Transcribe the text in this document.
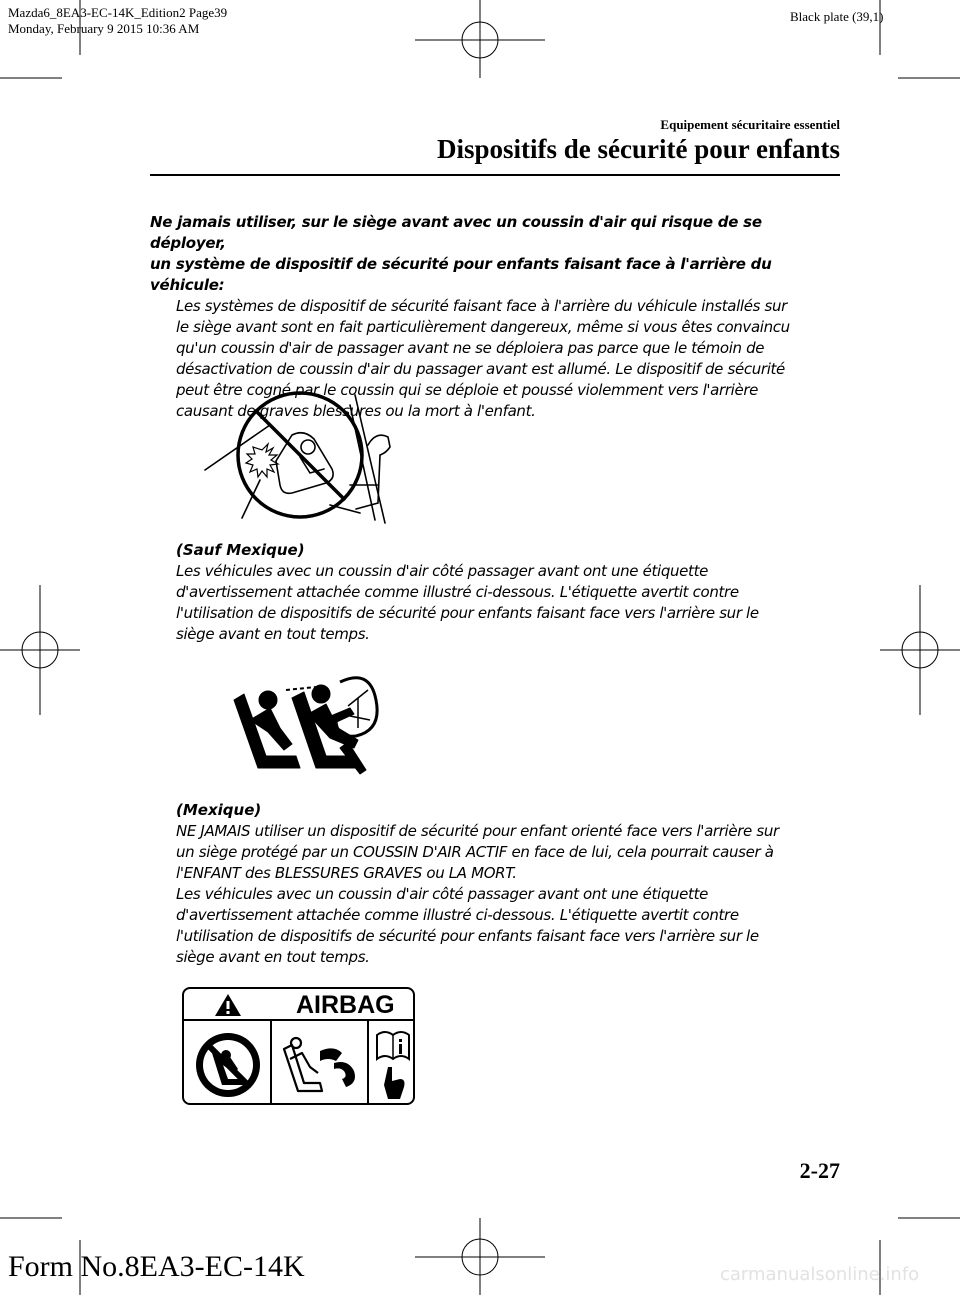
Mazda6_8EA3-EC-14K_Edition2 Page39
Monday, February 9 2015 10:36 AM
Black plate (39,1)
Equipement sécuritaire essentiel
Dispositifs de sécurité pour enfants
Ne jamais utiliser, sur le siège avant avec un coussin d'air qui risque de se déployer,
un système de dispositif de sécurité pour enfants faisant face à l'arrière du véhicule:
Les systèmes de dispositif de sécurité faisant face à l'arrière du véhicule installés sur
le siège avant sont en fait particulièrement dangereux, même si vous êtes convaincu
qu'un coussin d'air de passager avant ne se déploiera pas parce que le témoin de
désactivation de coussin d'air du passager avant est allumé. Le dispositif de sécurité
peut être cogné par le coussin qui se déploie et poussé violemment vers l'arrière
causant de graves blessures ou la mort à l'enfant.
(Sauf Mexique)
Les véhicules avec un coussin d'air côté passager avant ont une étiquette
d'avertissement attachée comme illustré ci-dessous. L'étiquette avertit contre
l'utilisation de dispositifs de sécurité pour enfants faisant face vers l'arrière sur le
siège avant en tout temps.
(Mexique)
NE JAMAIS utiliser un dispositif de sécurité pour enfant orienté face vers l'arrière sur
un siège protégé par un COUSSIN D'AIR ACTIF en face de lui, cela pourrait causer à
l'ENFANT des BLESSURES GRAVES ou LA MORT.
Les véhicules avec un coussin d'air côté passager avant ont une étiquette
d'avertissement attachée comme illustré ci-dessous. L'étiquette avertit contre
l'utilisation de dispositifs de sécurité pour enfants faisant face vers l'arrière sur le
siège avant en tout temps.
AIRBAG
2-27
Form No.8EA3-EC-14K	carmanualsonline.info
